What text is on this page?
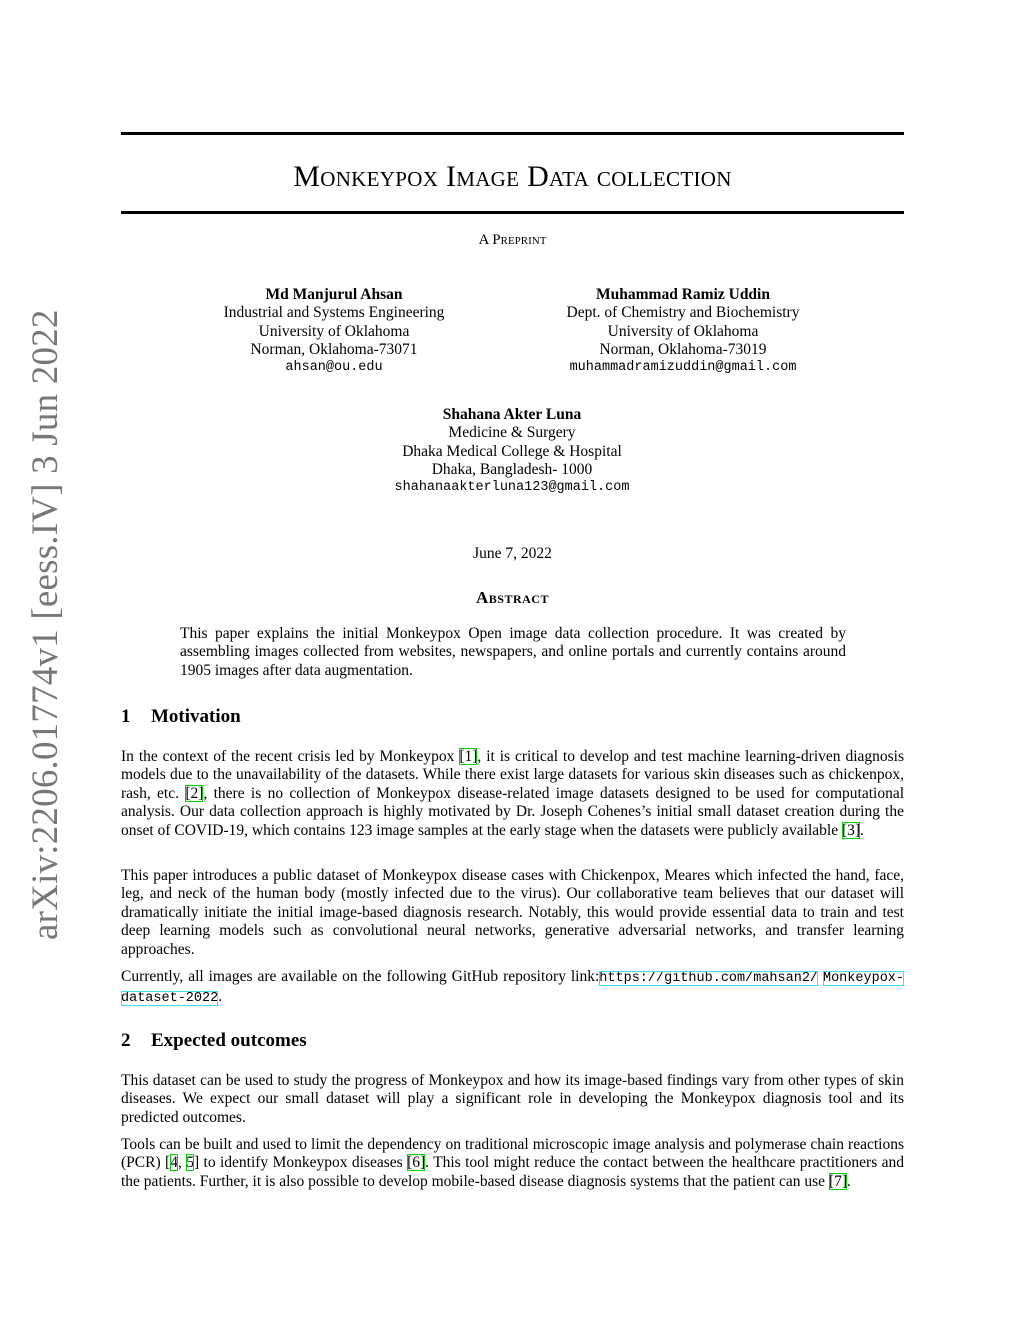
arXiv:2206.01774v1 [eess.IV] 3 Jun 2022
Monkeypox Image Data collection
A Preprint
Md Manjurul Ahsan
Industrial and Systems Engineering
University of Oklahoma
Norman, Oklahoma-73071
ahsan@ou.edu
Muhammad Ramiz Uddin
Dept. of Chemistry and Biochemistry
University of Oklahoma
Norman, Oklahoma-73019
muhammadramizuddin@gmail.com
Shahana Akter Luna
Medicine & Surgery
Dhaka Medical College & Hospital
Dhaka, Bangladesh- 1000
shahanaakterluna123@gmail.com
June 7, 2022
Abstract
This paper explains the initial Monkeypox Open image data collection procedure. It was created by assembling images collected from websites, newspapers, and online portals and currently contains around 1905 images after data augmentation.
1 Motivation
In the context of the recent crisis led by Monkeypox [1], it is critical to develop and test machine learning-driven diagnosis models due to the unavailability of the datasets. While there exist large datasets for various skin diseases such as chickenpox, rash, etc. [2], there is no collection of Monkeypox disease-related image datasets designed to be used for computational analysis. Our data collection approach is highly motivated by Dr. Joseph Cohenes’s initial small dataset creation during the onset of COVID-19, which contains 123 image samples at the early stage when the datasets were publicly available [3].
This paper introduces a public dataset of Monkeypox disease cases with Chickenpox, Meares which infected the hand, face, leg, and neck of the human body (mostly infected due to the virus). Our collaborative team believes that our dataset will dramatically initiate the initial image-based diagnosis research. Notably, this would provide essential data to train and test deep learning models such as convolutional neural networks, generative adversarial networks, and transfer learning approaches.
Currently, all images are available on the following GitHub repository link:https://github.com/mahsan2/ Monkeypox-dataset-2022.
2 Expected outcomes
This dataset can be used to study the progress of Monkeypox and how its image-based findings vary from other types of skin diseases. We expect our small dataset will play a significant role in developing the Monkeypox diagnosis tool and its predicted outcomes.
Tools can be built and used to limit the dependency on traditional microscopic image analysis and polymerase chain reactions (PCR) [4, 5] to identify Monkeypox diseases [6]. This tool might reduce the contact between the healthcare practitioners and the patients. Further, it is also possible to develop mobile-based disease diagnosis systems that the patient can use [7].
